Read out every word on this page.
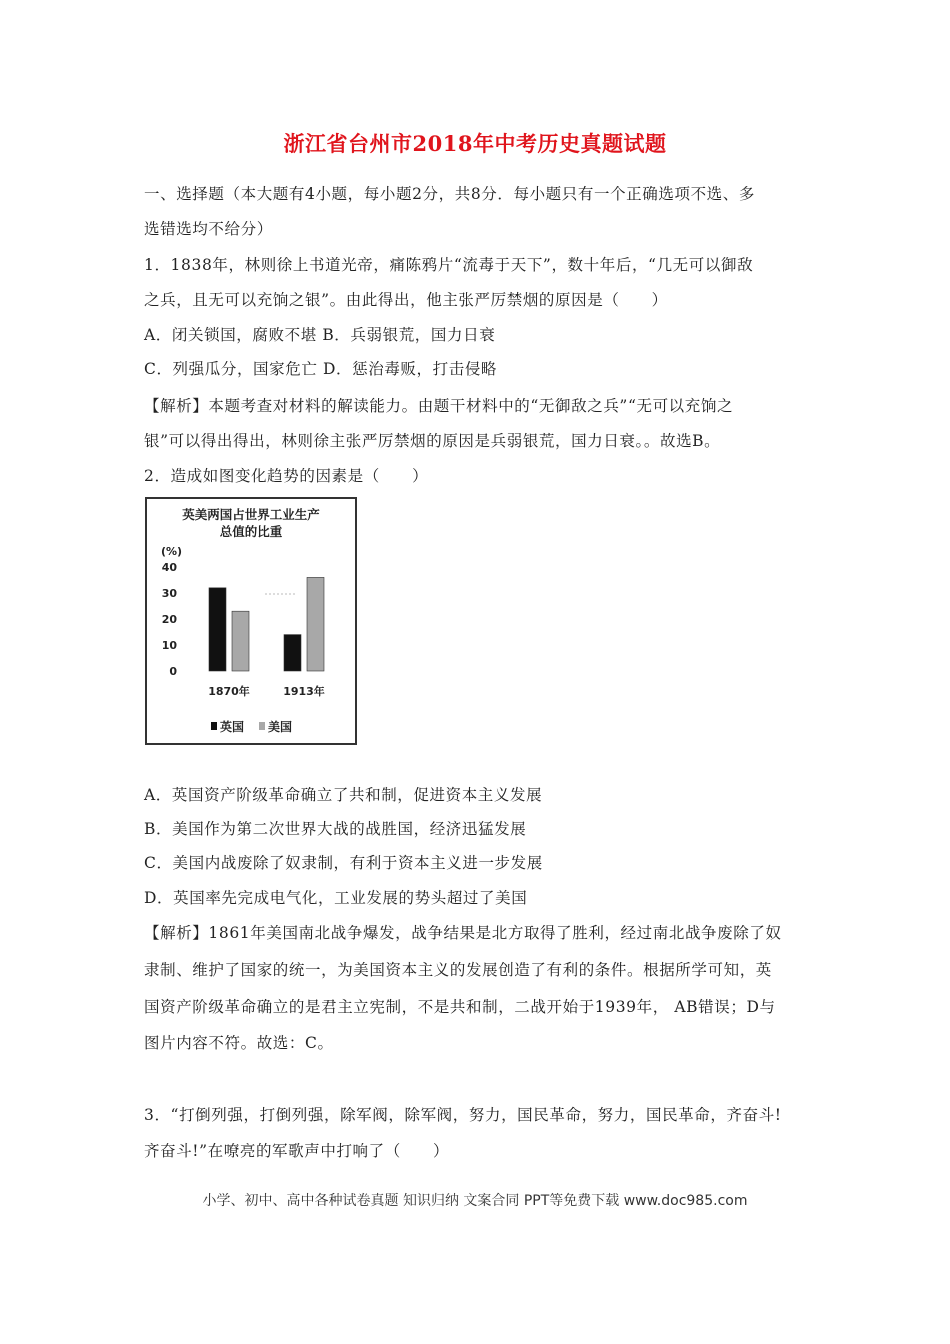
浙江省台州市2018年中考历史真题试题
一、选择题（本大题有4小题，每小题2分，共8分．每小题只有一个正确选项不选、多
选错选均不给分）
1．1838年，林则徐上书道光帝，痛陈鸦片“流毒于天下”，数十年后，“几无可以御敌
之兵，且无可以充饷之银”。由此得出，他主张严厉禁烟的原因是（　　）
A．闭关锁国，腐败不堪 B．兵弱银荒，国力日衰
C．列强瓜分，国家危亡 D．惩治毒贩，打击侵略
【解析】本题考查对材料的解读能力。由题干材料中的“无御敌之兵”“无可以充饷之
银”可以得出得出，林则徐主张严厉禁烟的原因是兵弱银荒，国力日衰。。故选B。
2．造成如图变化趋势的因素是（　　）
英美两国占世界工业生产
总值的比重
(%)
40
30
20
10
0
1870年	1913年
英国 美国
A．英国资产阶级革命确立了共和制，促进资本主义发展
B．美国作为第二次世界大战的战胜国，经济迅猛发展
C．美国内战废除了奴隶制，有利于资本主义进一步发展
D．英国率先完成电气化，工业发展的势头超过了美国
【解析】1861年美国南北战争爆发，战争结果是北方取得了胜利，经过南北战争废除了奴
隶制、维护了国家的统一，为美国资本主义的发展创造了有利的条件。根据所学可知，英
国资产阶级革命确立的是君主立宪制，不是共和制，二战开始于1939年， AB错误；D与
图片内容不符。故选：C。
3．“打倒列强，打倒列强，除军阀，除军阀，努力，国民革命，努力，国民革命，齐奋斗!
齐奋斗!”在嘹亮的军歌声中打响了（　　）
小学、初中、高中各种试卷真题 知识归纳 文案合同 PPT等免费下载 www.doc985.com
